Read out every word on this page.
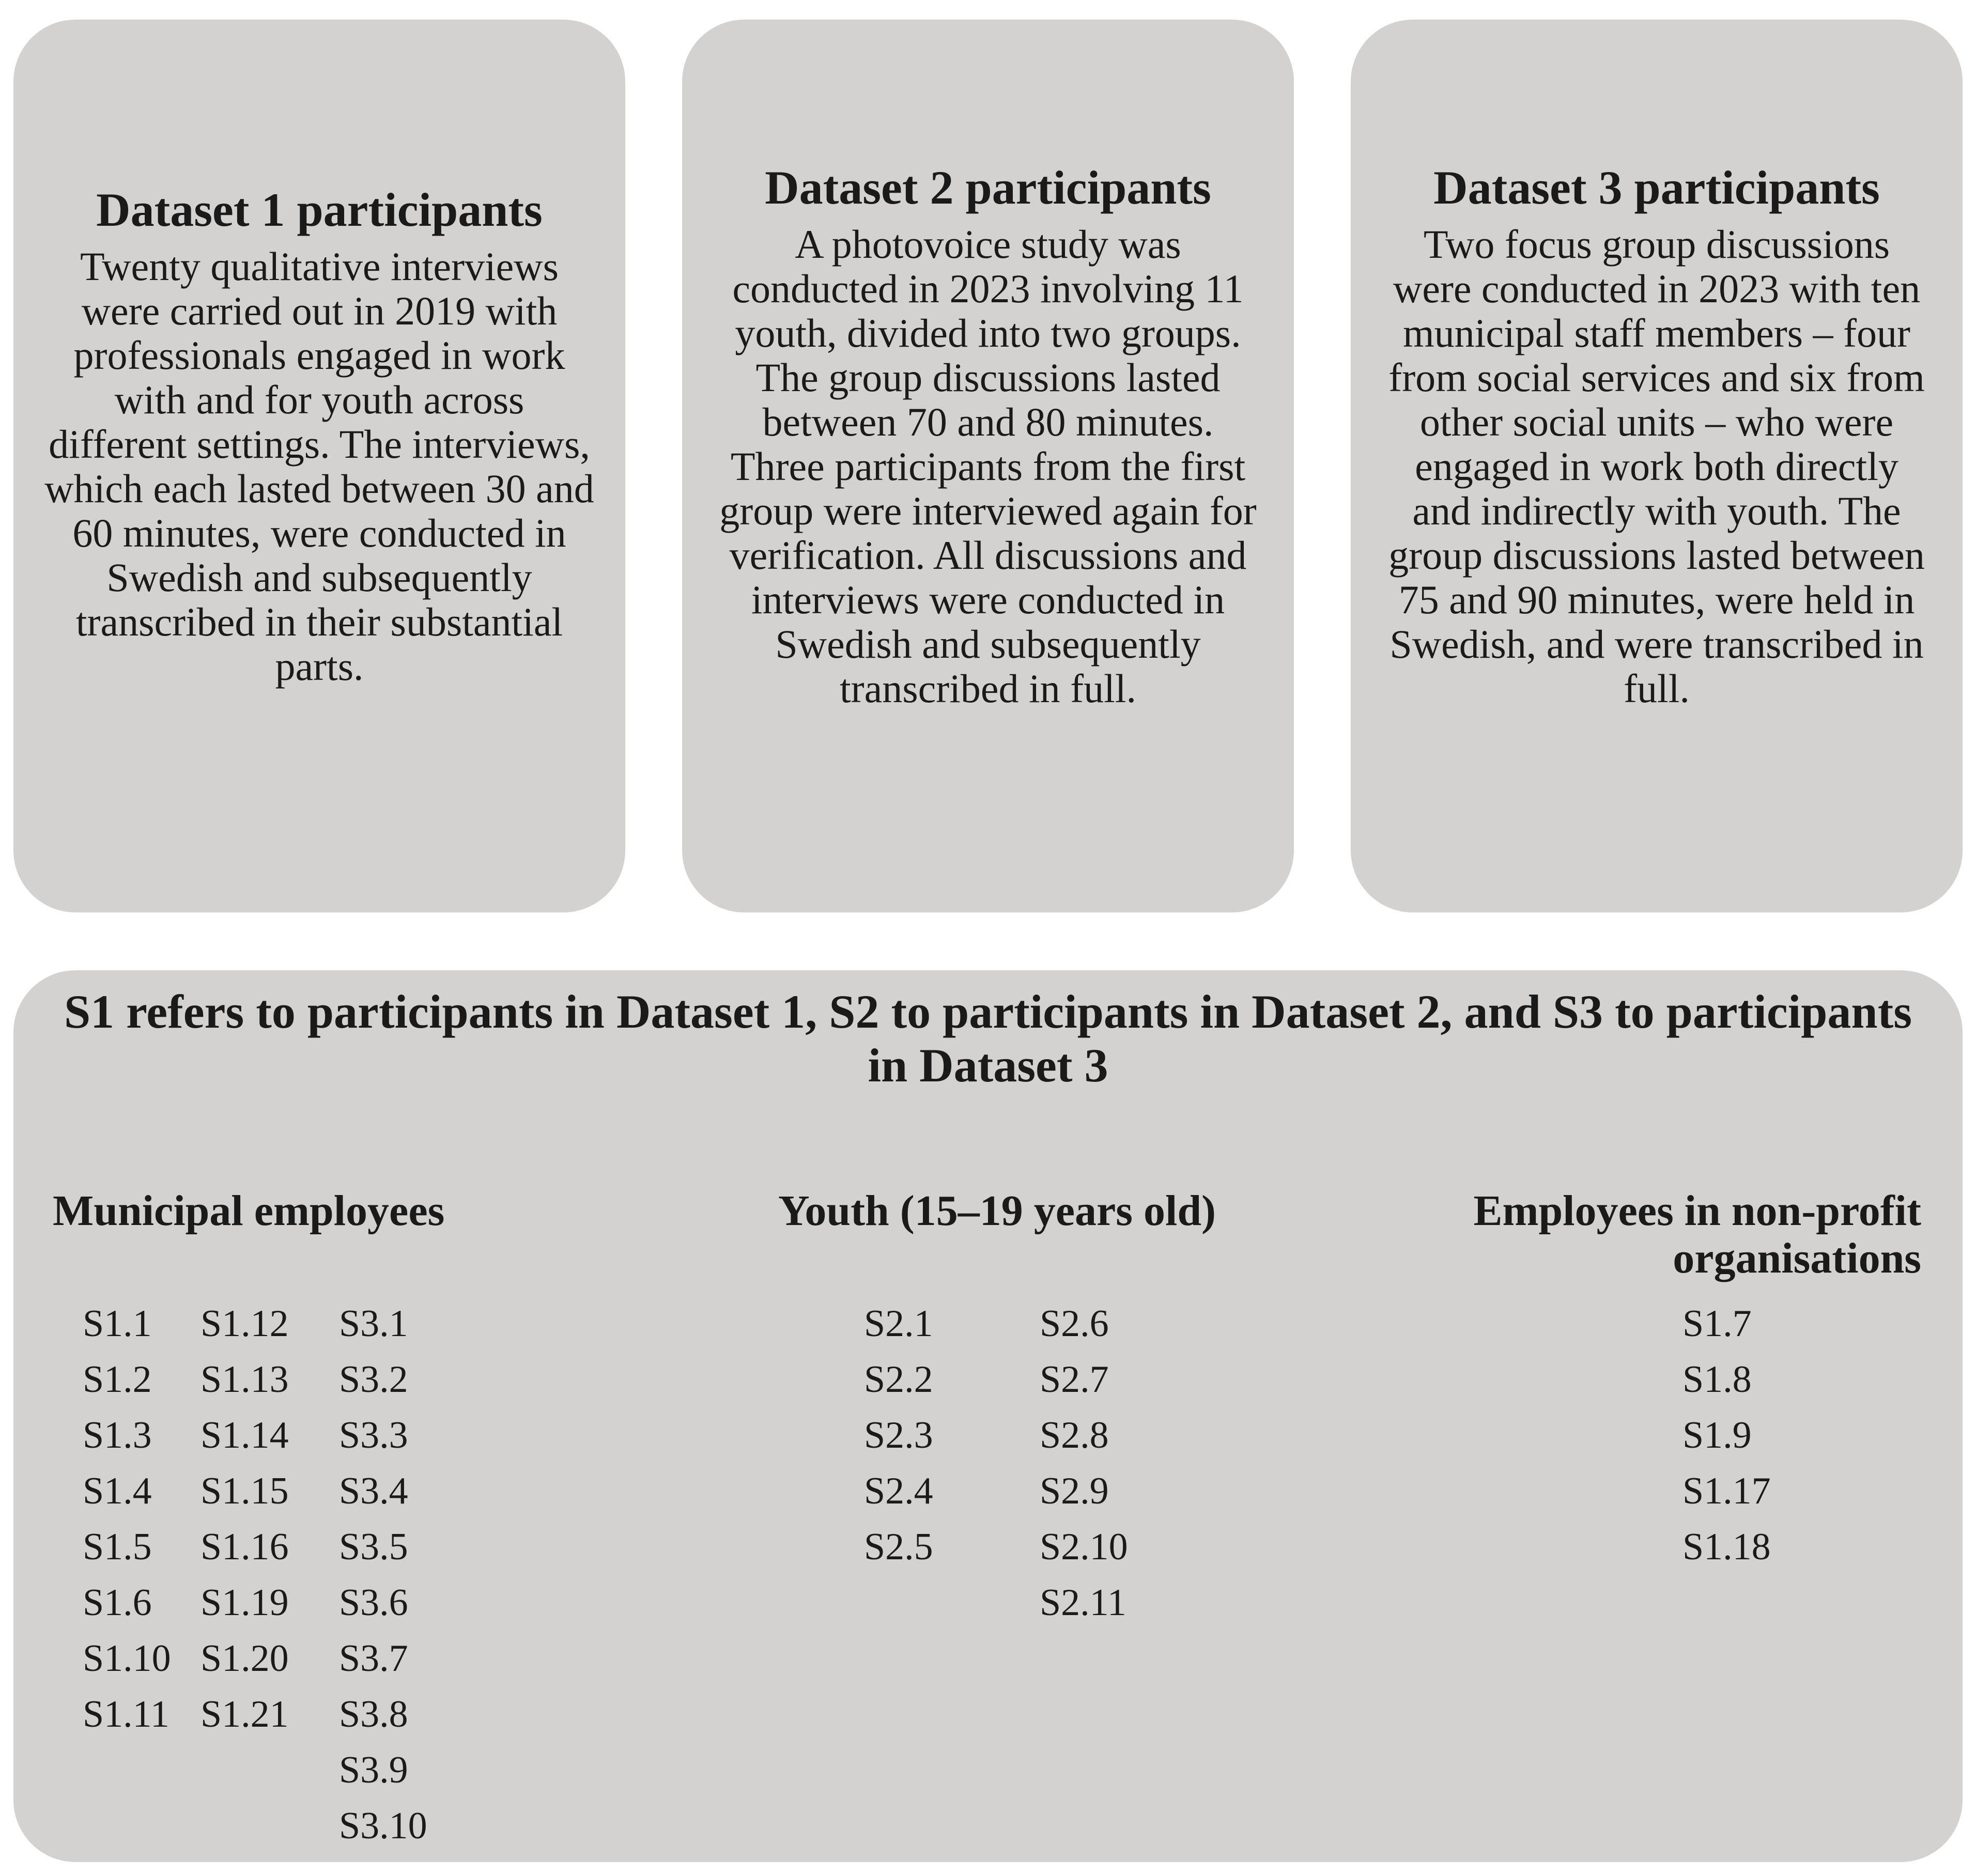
Dataset 1 participants

Twenty qualitative interviews were carried out in 2019 with professionals engaged in work with and for youth across different settings. The interviews, which each lasted between 30 and 60 minutes, were conducted in Swedish and subsequently transcribed in their substantial parts.

Dataset 2 participants

A photovoice study was conducted in 2023 involving 11 youth, divided into two groups. The group discussions lasted between 70 and 80 minutes. Three participants from the first group were interviewed again for verification. All discussions and interviews were conducted in Swedish and subsequently transcribed in full.

Dataset 3 participants

Two focus group discussions were conducted in 2023 with ten municipal staff members – four from social services and six from other social units – who were engaged in work both directly and indirectly with youth. The group discussions lasted between 75 and 90 minutes, were held in Swedish, and were transcribed in full.

S1 refers to participants in Dataset 1, S2 to participants in Dataset 2, and S3 to participants in Dataset 3
Municipal employees	Youth (15–19 years old)	Employees in non-profit organisations
S1.1
S1.2
S1.3
S1.4
S1.5
S1.6
S1.10
S1.11
S1.12
S1.13
S1.14
S1.15
S1.16
S1.19
S1.20
S1.21
S3.1
S3.2
S3.3
S3.4
S3.5
S3.6
S3.7
S3.8
S3.9
S3.10
S2.1
S2.2
S2.3
S2.4
S2.5
S2.6
S2.7
S2.8
S2.9
S2.10
S2.11
S1.7
S1.8
S1.9
S1.17
S1.18
